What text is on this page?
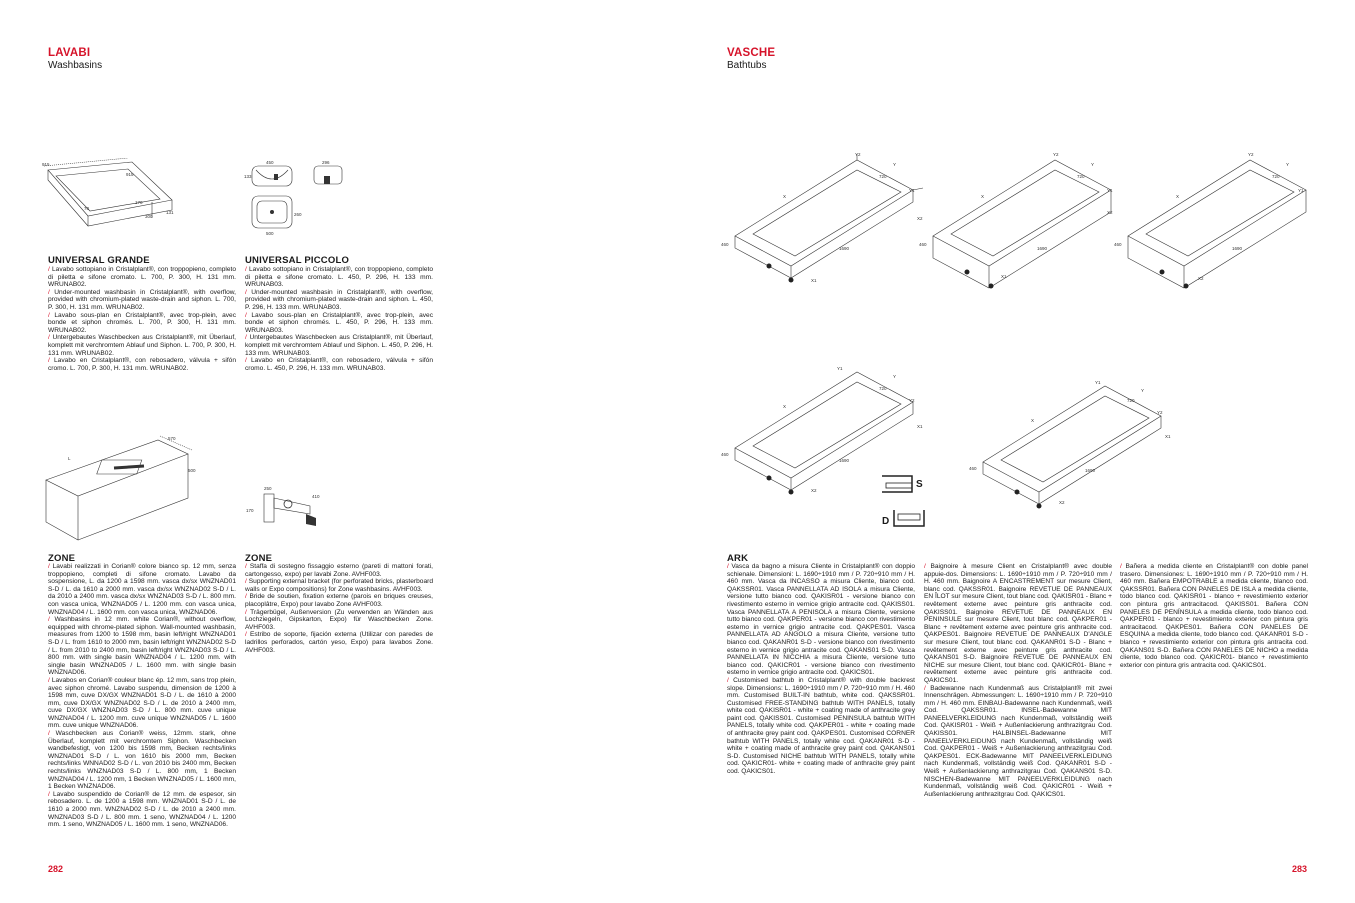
LAVABI
Washbasins
915
915
70
170
300
131
450	296
133
260
500
UNIVERSAL GRANDE

/ Lavabo sottopiano in Cristalplant®, con troppopieno, completo di piletta e sifone cromato. L. 700, P. 300, H. 131 mm. WRUNAB02.

/ Under-mounted washbasin in Cristalplant®, with overflow, provided with chromium-plated waste-drain and siphon. L. 700, P. 300, H. 131 mm. WRUNAB02.

/ Lavabo sous-plan en Cristalplant®, avec trop-plein, avec bonde et siphon chromés. L. 700, P. 300, H. 131 mm. WRUNAB02.

/ Untergebautes Waschbecken aus Cristalplant®, mit Überlauf, komplett mit verchromtem Ablauf und Siphon. L. 700, P. 300, H. 131 mm. WRUNAB02.

/ Lavabo en Cristalplant®, con rebosadero, válvula + sifón cromo. L. 700, P. 300, H. 131 mm. WRUNAB02.

UNIVERSAL PICCOLO

/ Lavabo sottopiano in Cristalplant®, con troppopieno, completo di piletta e sifone cromato. L. 450, P. 296, H. 133 mm. WRUNAB03.

/ Under-mounted washbasin in Cristalplant®, with overflow, provided with chromium-plated waste-drain and siphon. L. 450, P. 296, H. 133 mm. WRUNAB03.

/ Lavabo sous-plan en Cristalplant®, avec trop-plein, avec bonde et siphon chromés. L. 450, P. 296, H. 133 mm. WRUNAB03.

/ Untergebautes Waschbecken aus Cristalplant®, mit Überlauf, komplett mit verchromtem Ablauf und Siphon. L. 450, P. 296, H. 133 mm. WRUNAB03.

/ Lavabo en Cristalplant®, con rebosadero, válvula + sifón cromo. L. 450, P. 296, H. 133 mm. WRUNAB03.

570
L
500
250
410
170
ZONE

/ Lavabi realizzati in Corian® colore bianco sp. 12 mm, senza troppopieno, completi di sifone cromato. Lavabo da sospensione, L. da 1200 a 1598 mm. vasca dx/sx WNZNAD01 S-D / L. da 1610 a 2000 mm. vasca dx/sx WNZNAD02 S-D / L. da 2010 a 2400 mm. vasca dx/sx WNZNAD03 S-D / L. 800 mm. con vasca unica, WNZNAD05 / L. 1200 mm. con vasca unica, WNZNAD04 / L. 1600 mm. con vasca unica, WNZNAD06.

/ Washbasins in 12 mm. white Corian®, without overflow, equipped with chrome-plated siphon. Wall-mounted washbasin, measures from 1200 to 1598 mm, basin left/right WNZNAD01 S-D / L. from 1610 to 2000 mm, basin left/right WNZNAD02 S-D / L. from 2010 to 2400 mm, basin left/right WNZNAD03 S-D / L. 800 mm. with single basin WNZNAD04 / L. 1200 mm. with single basin WNZNAD05 / L. 1600 mm. with single basin WNZNAD06.

/ Lavabos en Corian® couleur blanc ép. 12 mm, sans trop plein, avec siphon chromé. Lavabo suspendu, dimension de 1200 à 1598 mm, cuve DX/GX WNZNAD01 S-D / L. de 1610 à 2000 mm, cuve DX/GX WNZNAD02 S-D / L. de 2010 à 2400 mm, cuve DX/GX WNZNAD03 S-D / L. 800 mm. cuve unique WNZNAD04 / L. 1200 mm. cuve unique WNZNAD05 / L. 1600 mm. cuve unique WNZNAD06.

/ Waschbecken aus Corian® weiss, 12mm. stark, ohne Überlauf, komplett mit verchromtem Siphon. Waschbecken wandbefestigt, von 1200 bis 1598 mm, Becken rechts/links WNZNAD01 S-D / L. von 1610 bis 2000 mm, Becken rechts/links WNNAD02 S-D / L. von 2010 bis 2400 mm, Becken rechts/links WNZNAD03 S-D / L. 800 mm, 1 Becken WNZNAD04 / L. 1200 mm, 1 Becken WNZNAD05 / L. 1600 mm, 1 Becken WNZNAD06.

/ Lavabo suspendido de Corian® de 12 mm. de espesor, sin rebosadero. L. de 1200 a 1598 mm. WNZNAD01 S-D / L. de 1610 a 2000 mm. WNZNAD02 S-D / L. de 2010 a 2400 mm. WNZNAD03 S-D / L. 800 mm. 1 seno, WNZNAD04 / L. 1200 mm. 1 seno, WNZNAD05 / L. 1600 mm. 1 seno, WNZNAD06.

ZONE

/ Staffa di sostegno fissaggio esterno (pareti di mattoni forati, cartongesso, expo) per lavabi Zone. AVHF003.

/ Supporting external bracket (for perforated bricks, plasterboard walls or Expo compositions) for Zone washbasins. AVHF003.

/ Bride de soutien, fixation externe (parois en briques creuses, placoplâtre, Expo) pour lavabo Zone AVHF003.

/ Trägerbügel, Außenversion (Zu verwenden an Wänden aus Lochziegeln, Gipskarton, Expo) für Waschbecken Zone. AVHF003.

/ Estribo de soporte, fijación externa (Utilizar con paredes de ladrillos perforados, cartón yeso, Expo) para lavabos Zone. AVHF003.

282
VASCHE
Bathtubs
Y2
Y
720
Y1
X
X2
460
1690
X1
Y2
Y
720
Y1
X
X2
460
1690
X1
Y2
Y
720
Y1
X
460
1690
X2
Y1
Y
720
Y2
X
X1
460
1690
X2
Y1
Y
720
Y2
X
X1
460	1690
X2
S
D
ARK

/ Vasca da bagno a misura Cliente in Cristalplant® con doppio schienale. Dimensioni: L. 1690÷1910 mm / P. 720÷910 mm / H. 460 mm. Vasca da INCASSO a misura Cliente, bianco cod. QAKSSR01. Vasca PANNELLATA AD ISOLA a misura Cliente, versione tutto bianco cod. QAKISR01 - versione bianco con rivestimento esterno in vernice grigio antracite cod. QAKISS01. Vasca PANNELLATA A PENISOLA a misura Cliente, versione tutto bianco cod. QAKPER01 - versione bianco con rivestimento esterno in vernice grigio antracite cod. QAKPES01. Vasca PANNELLATA AD ANGOLO a misura Cliente, versione tutto bianco cod. QAKANR01 S-D - versione bianco con rivestimento esterno in vernice grigio antracite cod. QAKANS01 S-D. Vasca PANNELLATA IN NICCHIA a misura Cliente, versione tutto bianco cod. QAKICR01 - versione bianco con rivestimento esterno in vernice grigio antracite cod. QAKICS01.

/ Customised bathtub in Cristalplant® with double backrest slope. Dimensions: L. 1690÷1910 mm / P. 720÷910 mm / H. 460 mm. Customised BUILT-IN bathtub, white cod. QAKSSR01. Customised FREE-STANDING bathtub WITH PANELS, totally white cod. QAKISR01 - white + coating made of anthracite grey paint cod. QAKISS01. Customised PENINSULA bathtub WITH PANELS, totally white cod. QAKPER01 - white + coating made of anthracite grey paint cod. QAKPES01. Customised CORNER bathtub WITH PANELS, totally white cod. QAKANR01 S-D - white + coating made of anthracite grey paint cod. QAKANS01 S-D. Customised NICHE bathtub WITH PANELS, totally white cod. QAKICR01- white + coating made of anthracite grey paint cod. QAKICS01.

/ Baignoire à mesure Client en Cristalplant® avec double appuie-dos. Dimensions: L. 1690÷1910 mm / P. 720÷910 mm / H. 460 mm. Baignoire A ENCASTREMENT sur mesure Client, blanc cod. QAKSSR01. Baignoire REVETUE DE PANNEAUX EN ÎLOT sur mesure Client, tout blanc cod. QAKISR01 - Blanc + revêtement externe avec peinture gris anthracite cod. QAKISS01. Baignoire REVETUE DE PANNEAUX EN PENINSULE sur mesure Client, tout blanc cod. QAKPER01 - Blanc + revêtement externe avec peinture gris anthracite cod. QAKPES01. Baignoire REVETUE DE PANNEAUX D'ANGLE sur mesure Client, tout blanc cod. QAKANR01 S-D - Blanc + revêtement externe avec peinture gris anthracite cod. QAKANS01 S-D. Baignoire REVETUE DE PANNEAUX EN NICHE sur mesure Client, tout blanc cod. QAKICR01- Blanc + revêtement externe avec peinture gris anthracite cod. QAKICS01.

/ Badewanne nach Kundenmaß aus Cristalplant® mit zwei Innenschrägen. Abmessungen: L. 1690÷1910 mm / P. 720÷910 mm / H. 460 mm. EINBAU-Badewanne nach Kundenmaß, weiß Cod. QAKSSR01. INSEL-Badewanne MIT PANEELVERKLEIDUNG nach Kundenmaß, vollständig weiß Cod. QAKISR01 - Weiß + Außenlackierung anthrazitgrau Cod. QAKISS01. HALBINSEL-Badewanne MIT PANEELVERKLEIDUNG nach Kundenmaß, vollständig weiß Cod. QAKPER01 - Weiß + Außenlackierung anthrazitgrau Cod. QAKPES01. ECK-Badewanne MIT PANEELVERKLEIDUNG nach Kundenmaß, vollständig weiß Cod. QAKANR01 S-D - Weiß + Außenlackierung anthrazitgrau Cod. QAKANS01 S-D. NISCHEN-Badewanne MIT PANEELVERKLEIDUNG nach Kundenmaß, vollständig weiß Cod. QAKICR01 - Weiß + Außenlackierung anthrazitgrau Cod. QAKICS01.

/ Bañera a medida cliente en Cristalplant® con doble panel trasero. Dimensiones: L. 1690÷1910 mm / P. 720÷910 mm / H. 460 mm. Bañera EMPOTRABLE a medida cliente, blanco cod. QAKSSR01. Bañera CON PANELES DE ISLA a medida cliente, todo blanco cod. QAKISR01 - blanco + revestimiento exterior con pintura gris antracitacod. QAKISS01. Bañera CON PANELES DE PENÍNSULA a medida cliente, todo blanco cod. QAKPER01 - blanco + revestimiento exterior con pintura gris antracitacod. QAKPES01. Bañera CON PANELES DE ESQUINA a medida cliente, todo blanco cod. QAKANR01 S-D - blanco + revestimiento exterior con pintura gris antracita cod. QAKANS01 S-D. Bañera CON PANELES DE NICHO a medida cliente, todo blanco cod. QAKICR01- blanco + revestimiento exterior con pintura gris antracita cod. QAKICS01.

283
